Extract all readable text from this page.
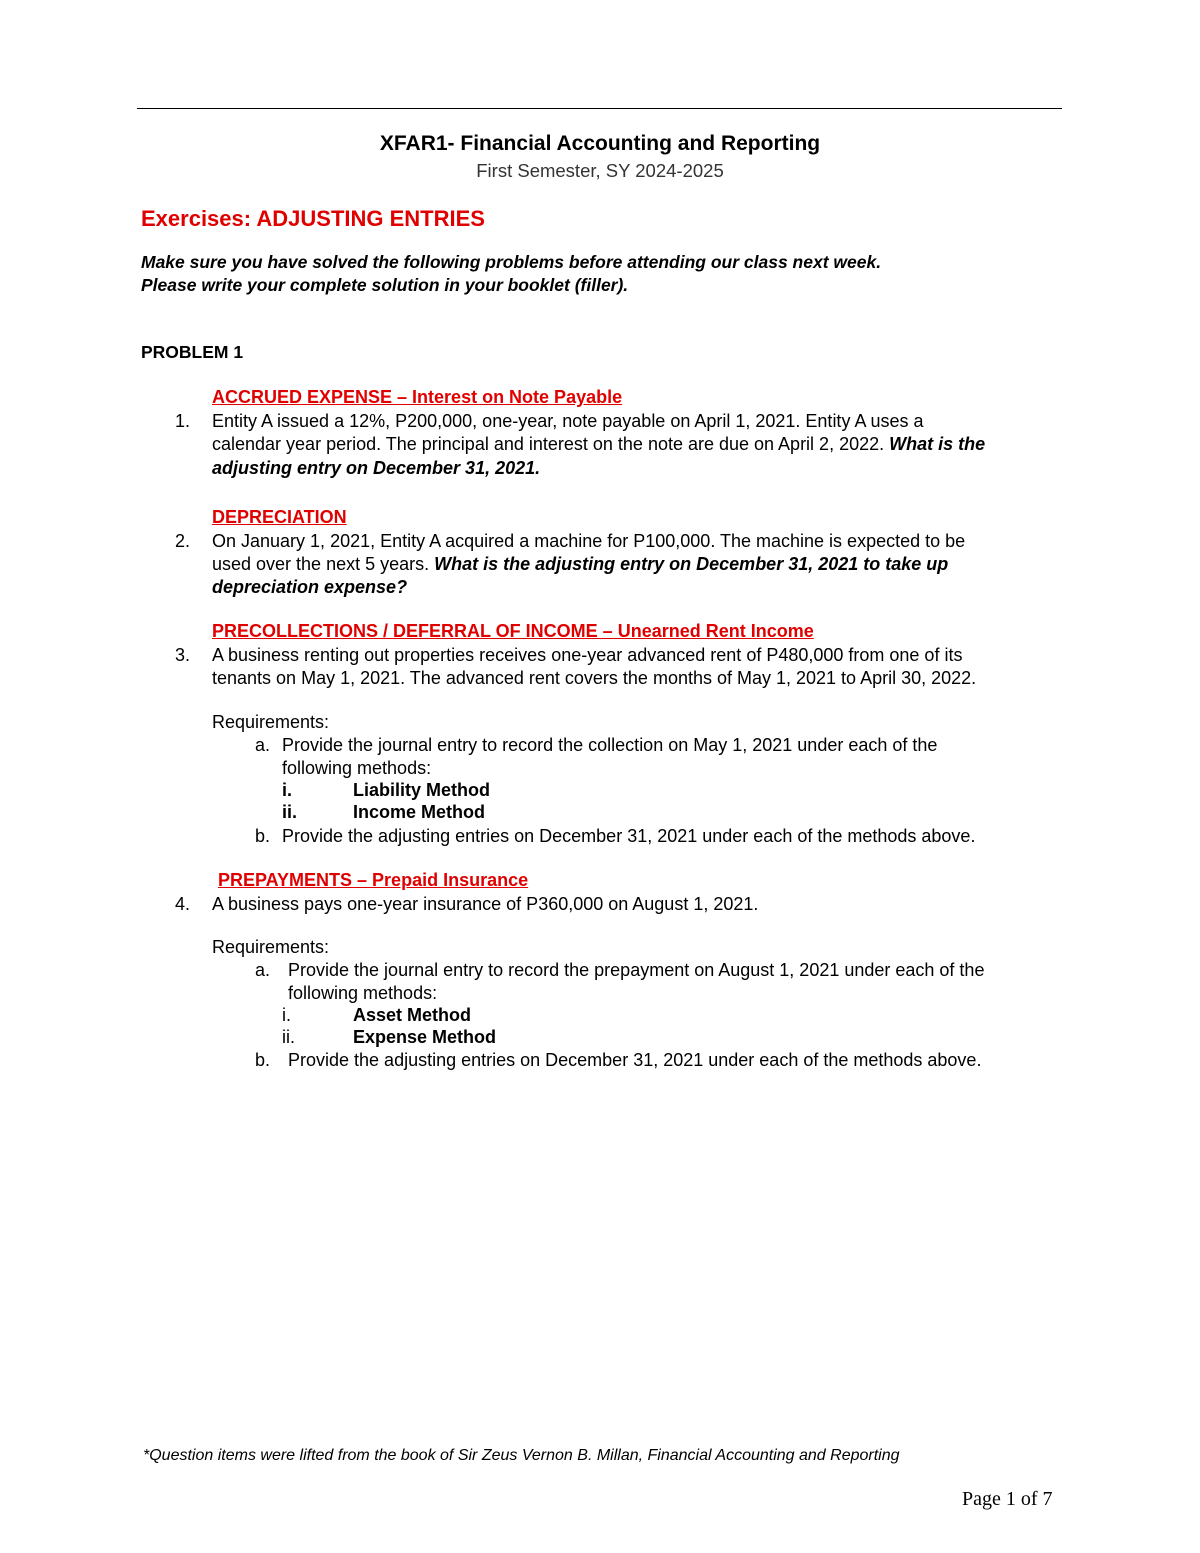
XFAR1- Financial Accounting and Reporting
First Semester, SY 2024-2025
Exercises: ADJUSTING ENTRIES
Make sure you have solved the following problems before attending our class next week.
Please write your complete solution in your booklet (filler).
PROBLEM 1
ACCRUED EXPENSE – Interest on Note Payable
1. Entity A issued a 12%, P200,000, one-year, note payable on April 1, 2021. Entity A uses a
calendar year period. The principal and interest on the note are due on April 2, 2022. What is the
adjusting entry on December 31, 2021.
DEPRECIATION
2. On January 1, 2021, Entity A acquired a machine for P100,000. The machine is expected to be
used over the next 5 years. What is the adjusting entry on December 31, 2021 to take up
depreciation expense?
PRECOLLECTIONS / DEFERRAL OF INCOME – Unearned Rent Income
3. A business renting out properties receives one-year advanced rent of P480,000 from one of its
tenants on May 1, 2021. The advanced rent covers the months of May 1, 2021 to April 30, 2022.
Requirements:
a. Provide the journal entry to record the collection on May 1, 2021 under each of the
following methods:
i.	Liability Method
ii.	Income Method
b. Provide the adjusting entries on December 31, 2021 under each of the methods above.
PREPAYMENTS – Prepaid Insurance
4. A business pays one-year insurance of P360,000 on August 1, 2021.
Requirements:
a. Provide the journal entry to record the prepayment on August 1, 2021 under each of the
following methods:
i.	Asset Method
ii.	Expense Method
b. Provide the adjusting entries on December 31, 2021 under each of the methods above.
*Question items were lifted from the book of Sir Zeus Vernon B. Millan, Financial Accounting and Reporting
Page 1 of 7
